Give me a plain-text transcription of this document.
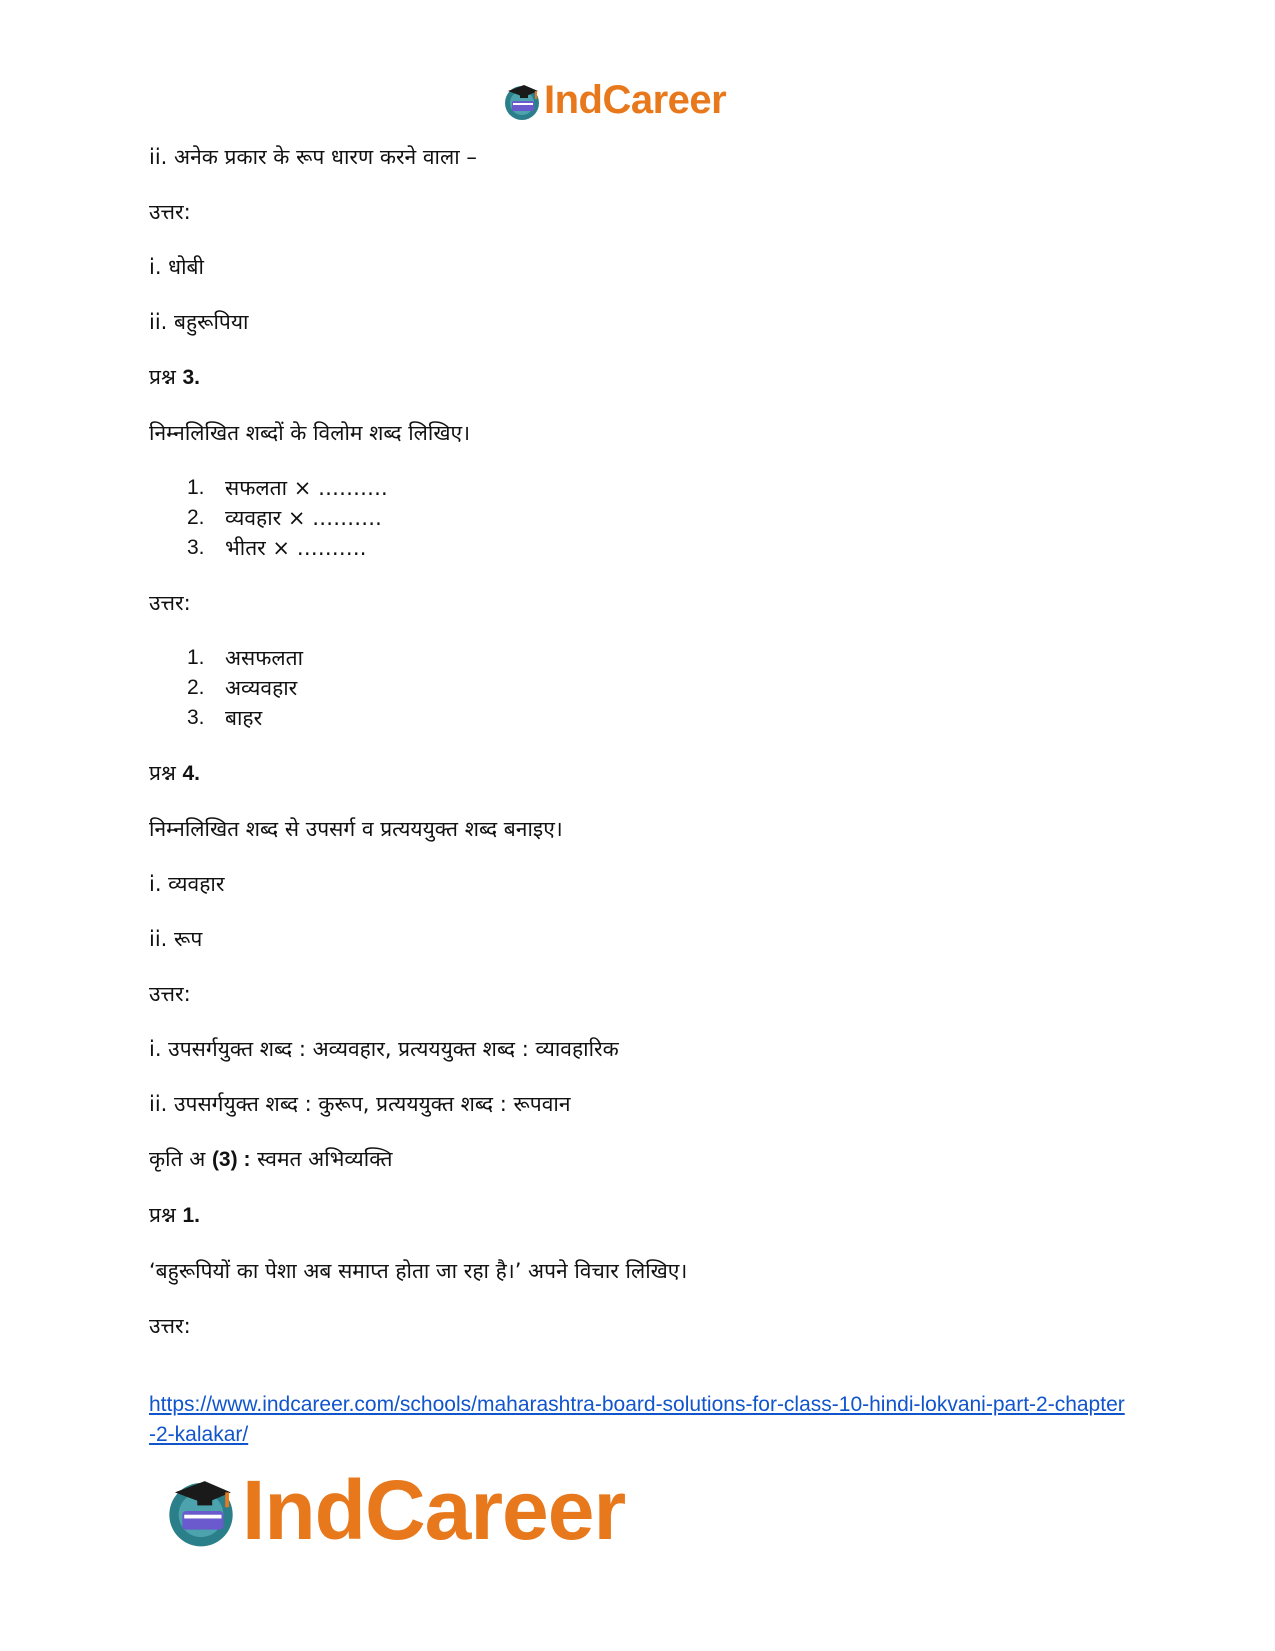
IndCareer

ii. अनेक प्रकार के रूप धारण करने वाला –

उत्तर:

i. धोबी

ii. बहुरूपिया

प्रश्न 3.

निम्नलिखित शब्दों के विलोम शब्द लिखिए।

1. सफलता × ……….
2. व्यवहार × ……….
3. भीतर × ……….

उत्तर:

1. असफलता
2. अव्यवहार
3. बाहर

प्रश्न 4.

निम्नलिखित शब्द से उपसर्ग व प्रत्यययुक्त शब्द बनाइए।

i. व्यवहार

ii. रूप

उत्तर:

i. उपसर्गयुक्त शब्द : अव्यवहार, प्रत्यययुक्त शब्द : व्यावहारिक

ii. उपसर्गयुक्त शब्द : कुरूप, प्रत्यययुक्त शब्द : रूपवान

कृति अ (3) : स्वमत अभिव्यक्ति

प्रश्न 1.

‘बहुरूपियों का पेशा अब समाप्त होता जा रहा है।’ अपने विचार लिखिए।

उत्तर:

https://www.indcareer.com/schools/maharashtra-board-solutions-for-class-10-hindi-lokvani-part-2-chapter-2-kalakar/
IndCareer
